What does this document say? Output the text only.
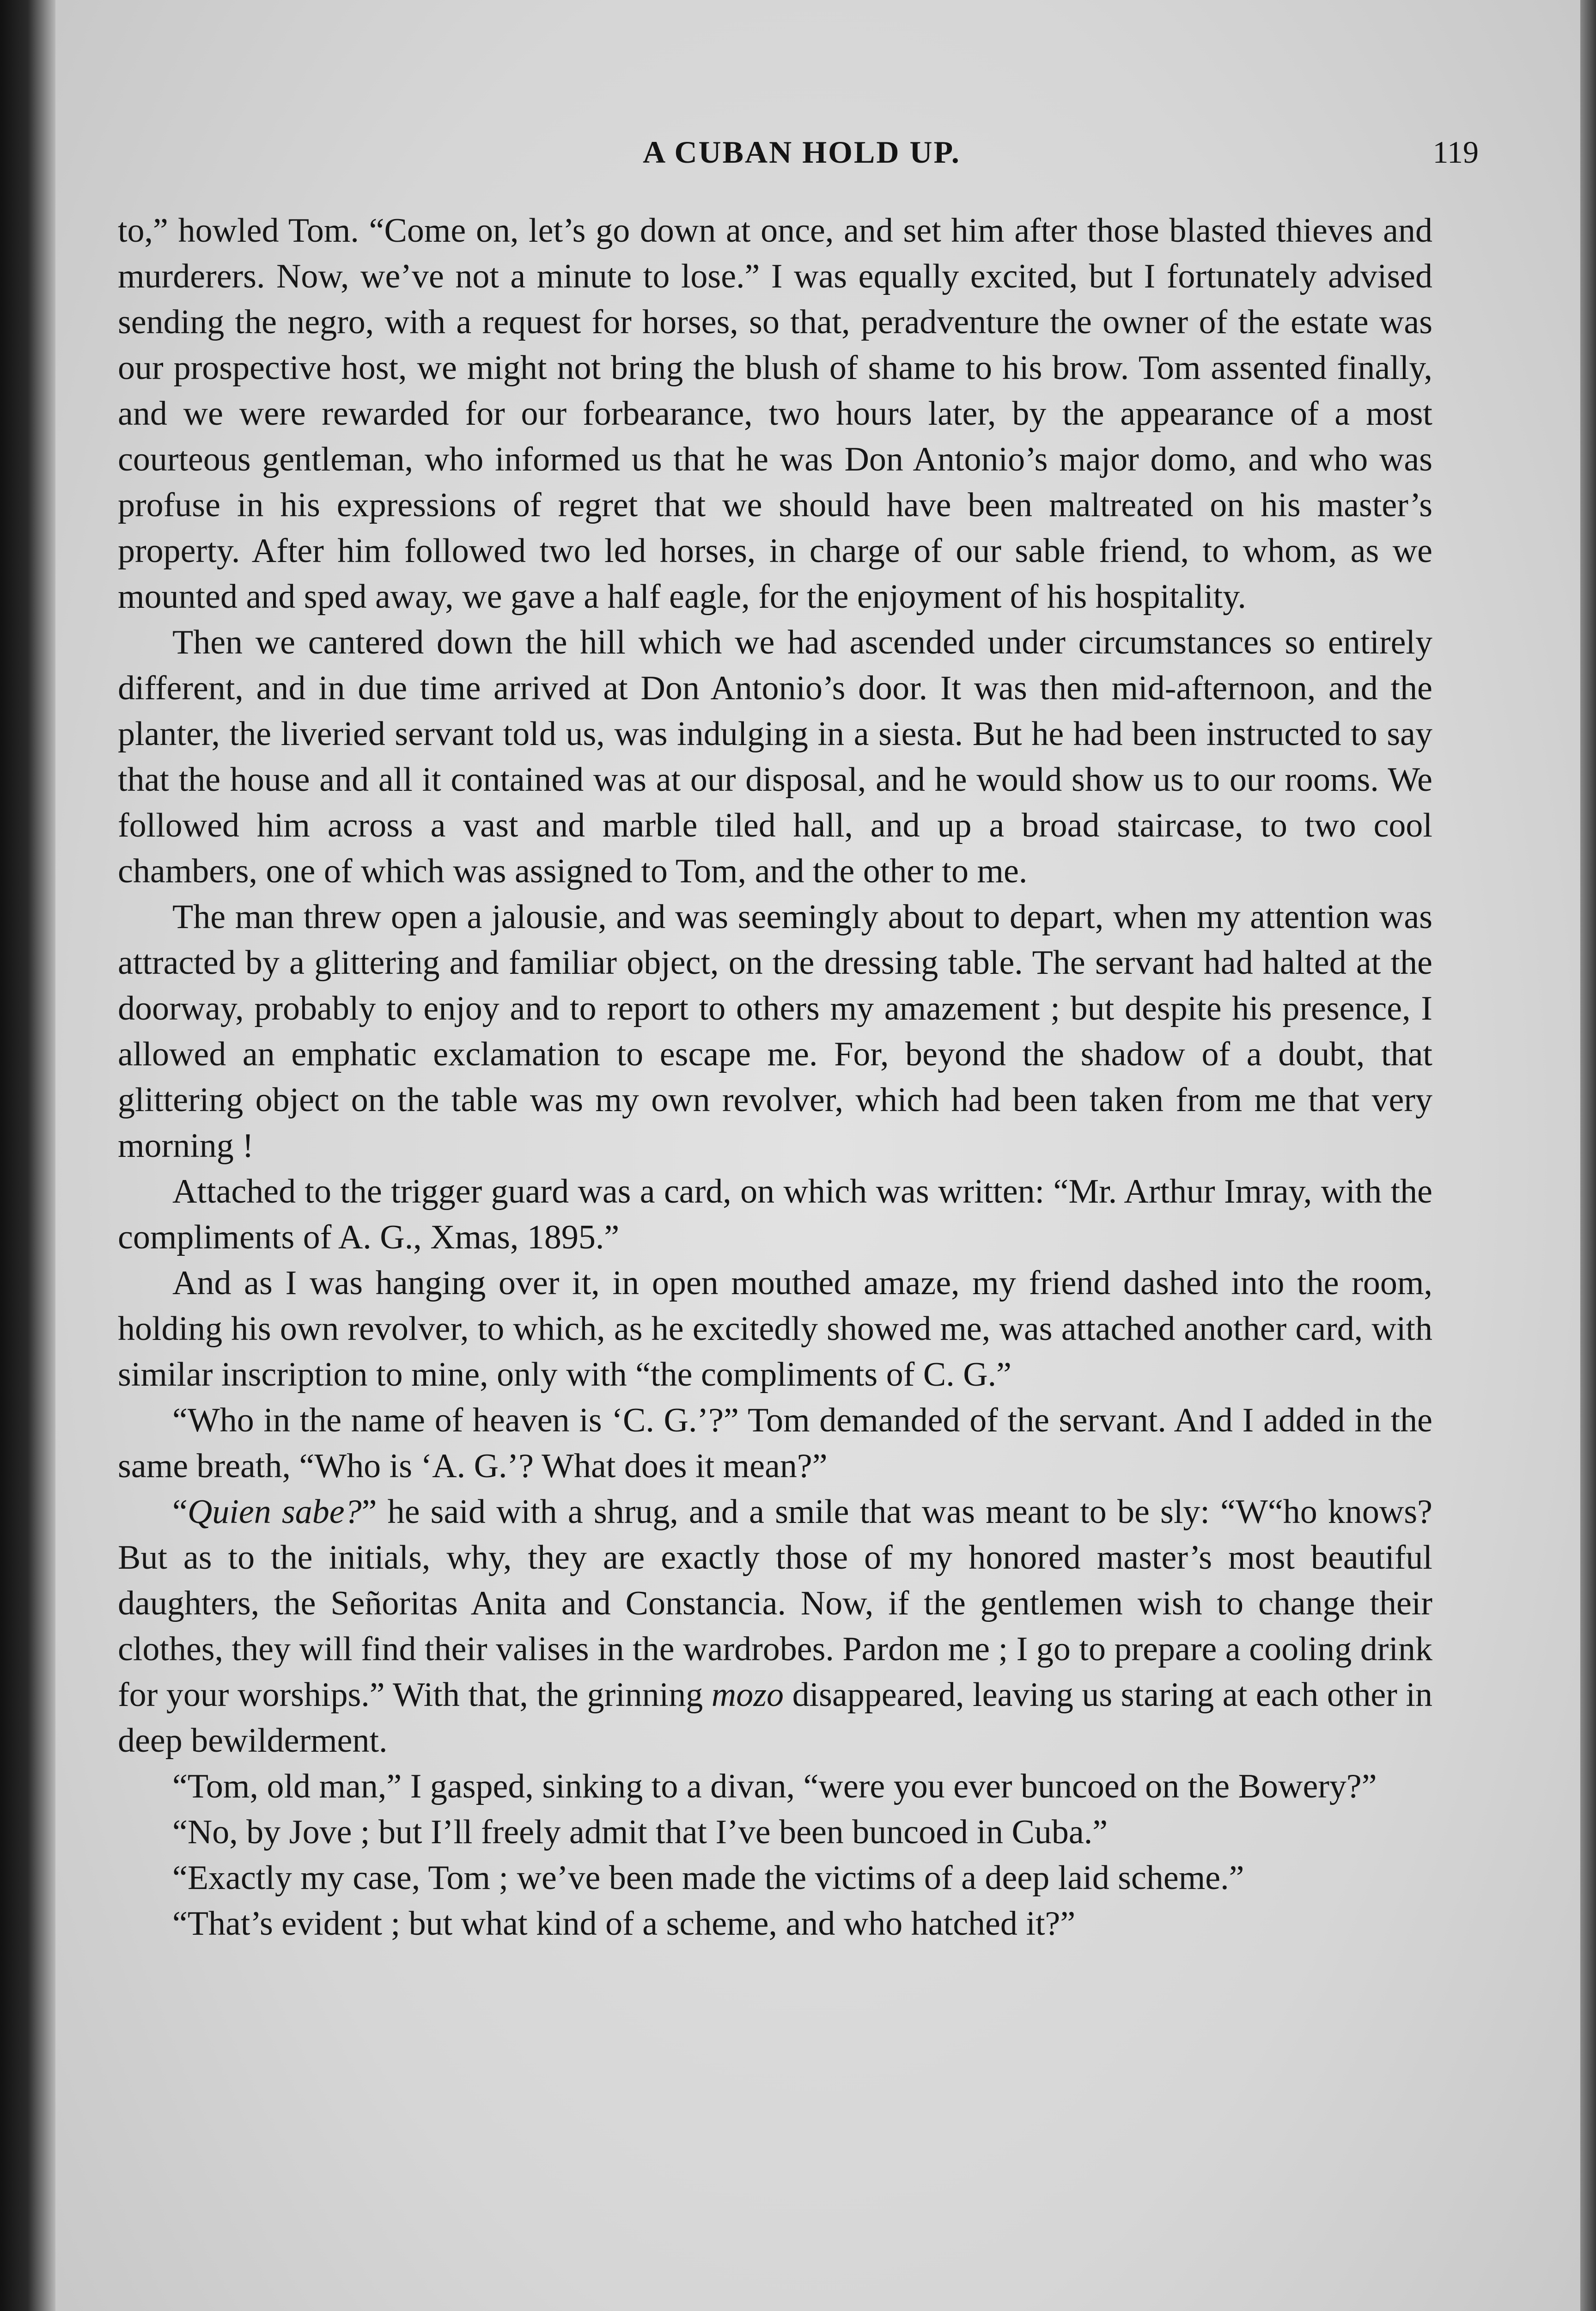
A CUBAN HOLD UP.	119

to,” howled Tom. “Come on, let’s go down at once, and set him after those blasted thieves and murderers. Now, we’ve not a minute to lose.” I was equally excited, but I fortunately advised sending the negro, with a request for horses, so that, peradventure the owner of the estate was our prospective host, we might not bring the blush of shame to his brow. Tom assented finally, and we were rewarded for our forbearance, two hours later, by the appearance of a most courteous gentleman, who informed us that he was Don Antonio’s major domo, and who was profuse in his expressions of regret that we should have been maltreated on his master’s property. After him followed two led horses, in charge of our sable friend, to whom, as we mounted and sped away, we gave a half eagle, for the enjoyment of his hospitality.

Then we cantered down the hill which we had ascended under circumstances so entirely different, and in due time arrived at Don Antonio’s door. It was then mid-afternoon, and the planter, the liveried servant told us, was indulging in a siesta. But he had been instructed to say that the house and all it contained was at our disposal, and he would show us to our rooms. We followed him across a vast and marble tiled hall, and up a broad staircase, to two cool chambers, one of which was assigned to Tom, and the other to me.

The man threw open a jalousie, and was seemingly about to depart, when my attention was attracted by a glittering and familiar object, on the dressing table. The servant had halted at the doorway, probably to enjoy and to report to others my amazement ; but despite his presence, I allowed an emphatic exclamation to escape me. For, beyond the shadow of a doubt, that glittering object on the table was my own revolver, which had been taken from me that very morning !

Attached to the trigger guard was a card, on which was written: “Mr. Arthur Imray, with the compliments of A. G., Xmas, 1895.”

And as I was hanging over it, in open mouthed amaze, my friend dashed into the room, holding his own revolver, to which, as he excitedly showed me, was attached another card, with similar inscription to mine, only with “the compliments of C. G.”

“Who in the name of heaven is ‘C. G.’?” Tom demanded of the servant. And I added in the same breath, “Who is ‘A. G.’? What does it mean?”

“Quien sabe?” he said with a shrug, and a smile that was meant to be sly: “W“ho knows? But as to the initials, why, they are exactly those of my honored master’s most beautiful daughters, the Señoritas Anita and Constancia. Now, if the gentlemen wish to change their clothes, they will find their valises in the wardrobes. Pardon me ; I go to prepare a cooling drink for your worships.” With that, the grinning mozo disappeared, leaving us staring at each other in deep bewilderment.

“Tom, old man,” I gasped, sinking to a divan, “were you ever buncoed on the Bowery?”

“No, by Jove ; but I’ll freely admit that I’ve been buncoed in Cuba.”

“Exactly my case, Tom ; we’ve been made the victims of a deep laid scheme.”

“That’s evident ; but what kind of a scheme, and who hatched it?”
